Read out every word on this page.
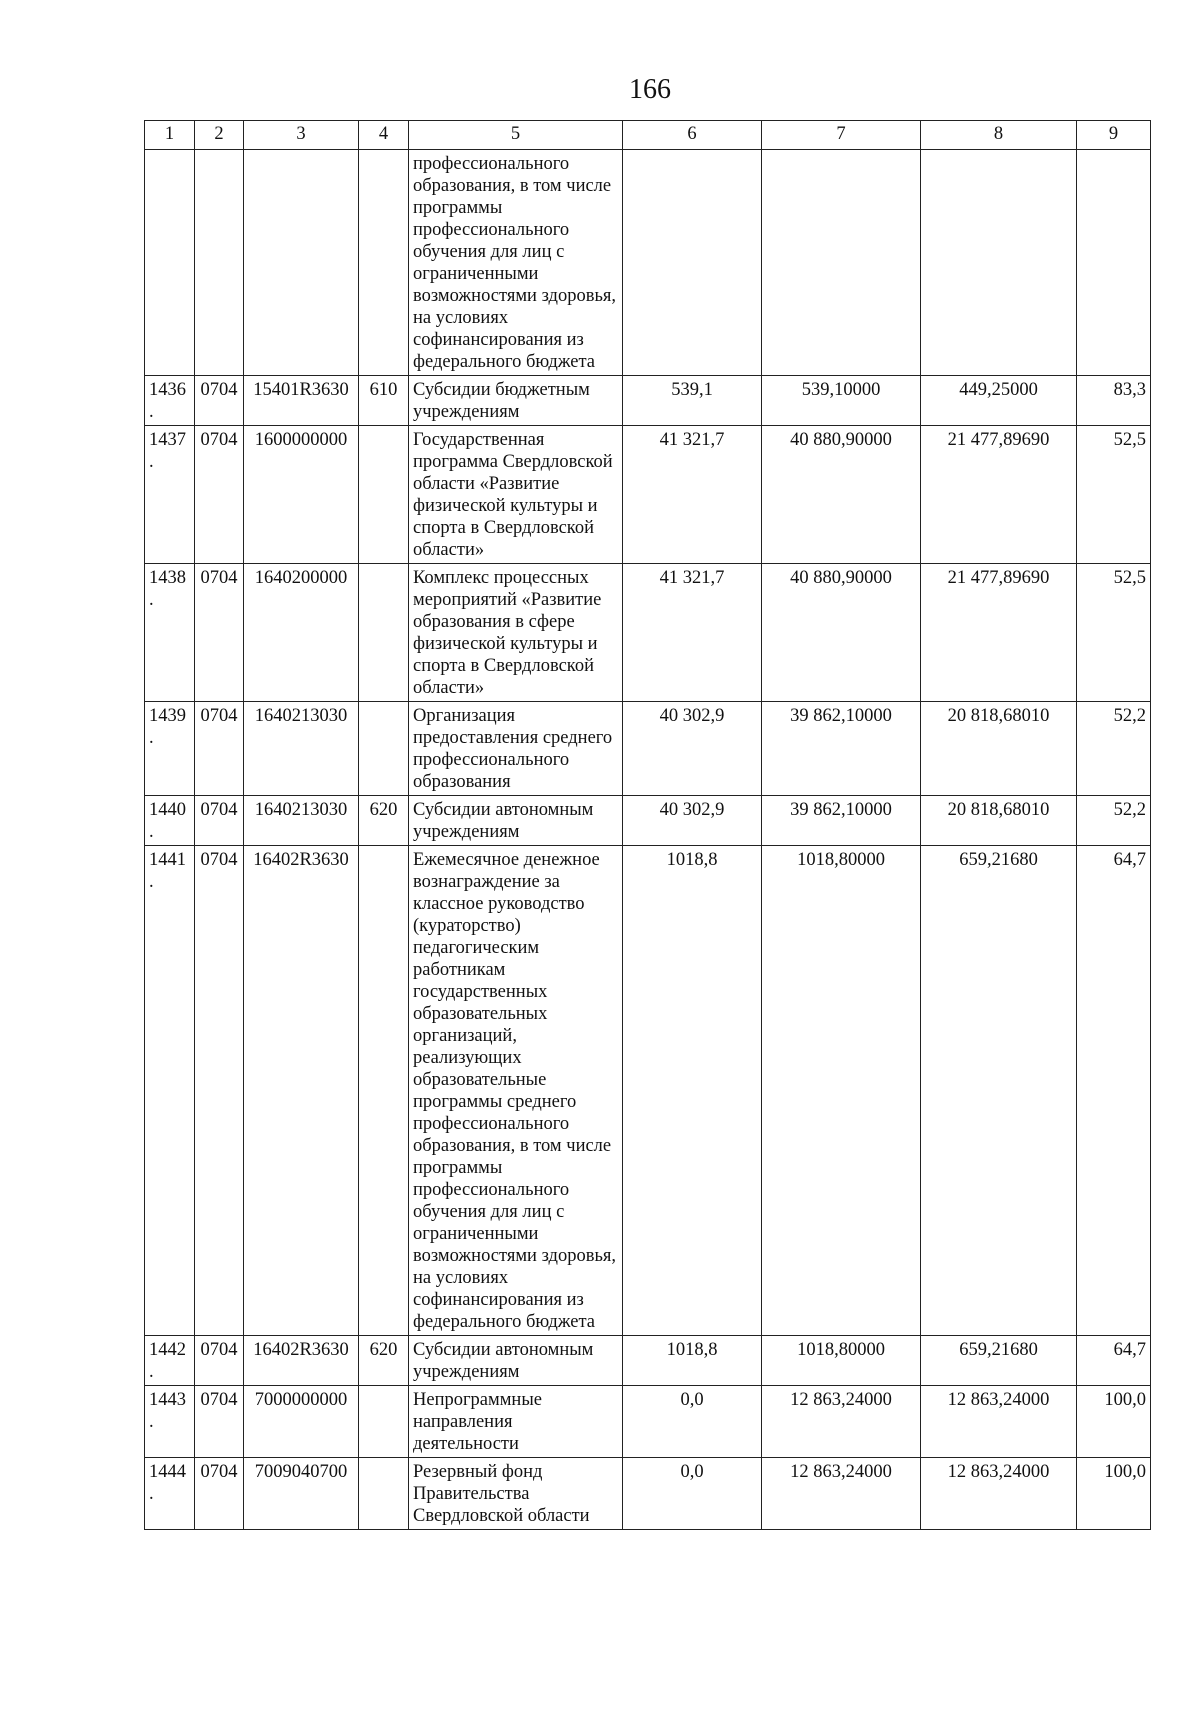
166
1	2	3	4	5	6	7	8	9
				профессионального образования, в том числе программы профессионального обучения для лиц с ограниченными возможностями здоровья, на условиях софинансирования из федерального бюджета				
1436.	0704	15401R3630	610	Субсидии бюджетным учреждениям	539,1	539,10000	449,25000	83,3
1437.	0704	1600000000		Государственная программа Свердловской области «Развитие физической культуры и спорта в Свердловской области»	41 321,7	40 880,90000	21 477,89690	52,5
1438.	0704	1640200000		Комплекс процессных мероприятий «Развитие образования в сфере физической культуры и спорта в Свердловской области»	41 321,7	40 880,90000	21 477,89690	52,5
1439.	0704	1640213030		Организация предоставления среднего профессионального образования	40 302,9	39 862,10000	20 818,68010	52,2
1440.	0704	1640213030	620	Субсидии автономным учреждениям	40 302,9	39 862,10000	20 818,68010	52,2
1441.	0704	16402R3630		Ежемесячное денежное вознаграждение за классное руководство (кураторство) педагогическим работникам государственных образовательных организаций, реализующих образовательные программы среднего профессионального образования, в том числе программы профессионального обучения для лиц с ограниченными возможностями здоровья, на условиях софинансирования из федерального бюджета	1018,8	1018,80000	659,21680	64,7
1442.	0704	16402R3630	620	Субсидии автономным учреждениям	1018,8	1018,80000	659,21680	64,7
1443.	0704	7000000000		Непрограммные направления деятельности	0,0	12 863,24000	12 863,24000	100,0
1444.	0704	7009040700		Резервный фонд Правительства Свердловской области	0,0	12 863,24000	12 863,24000	100,0
